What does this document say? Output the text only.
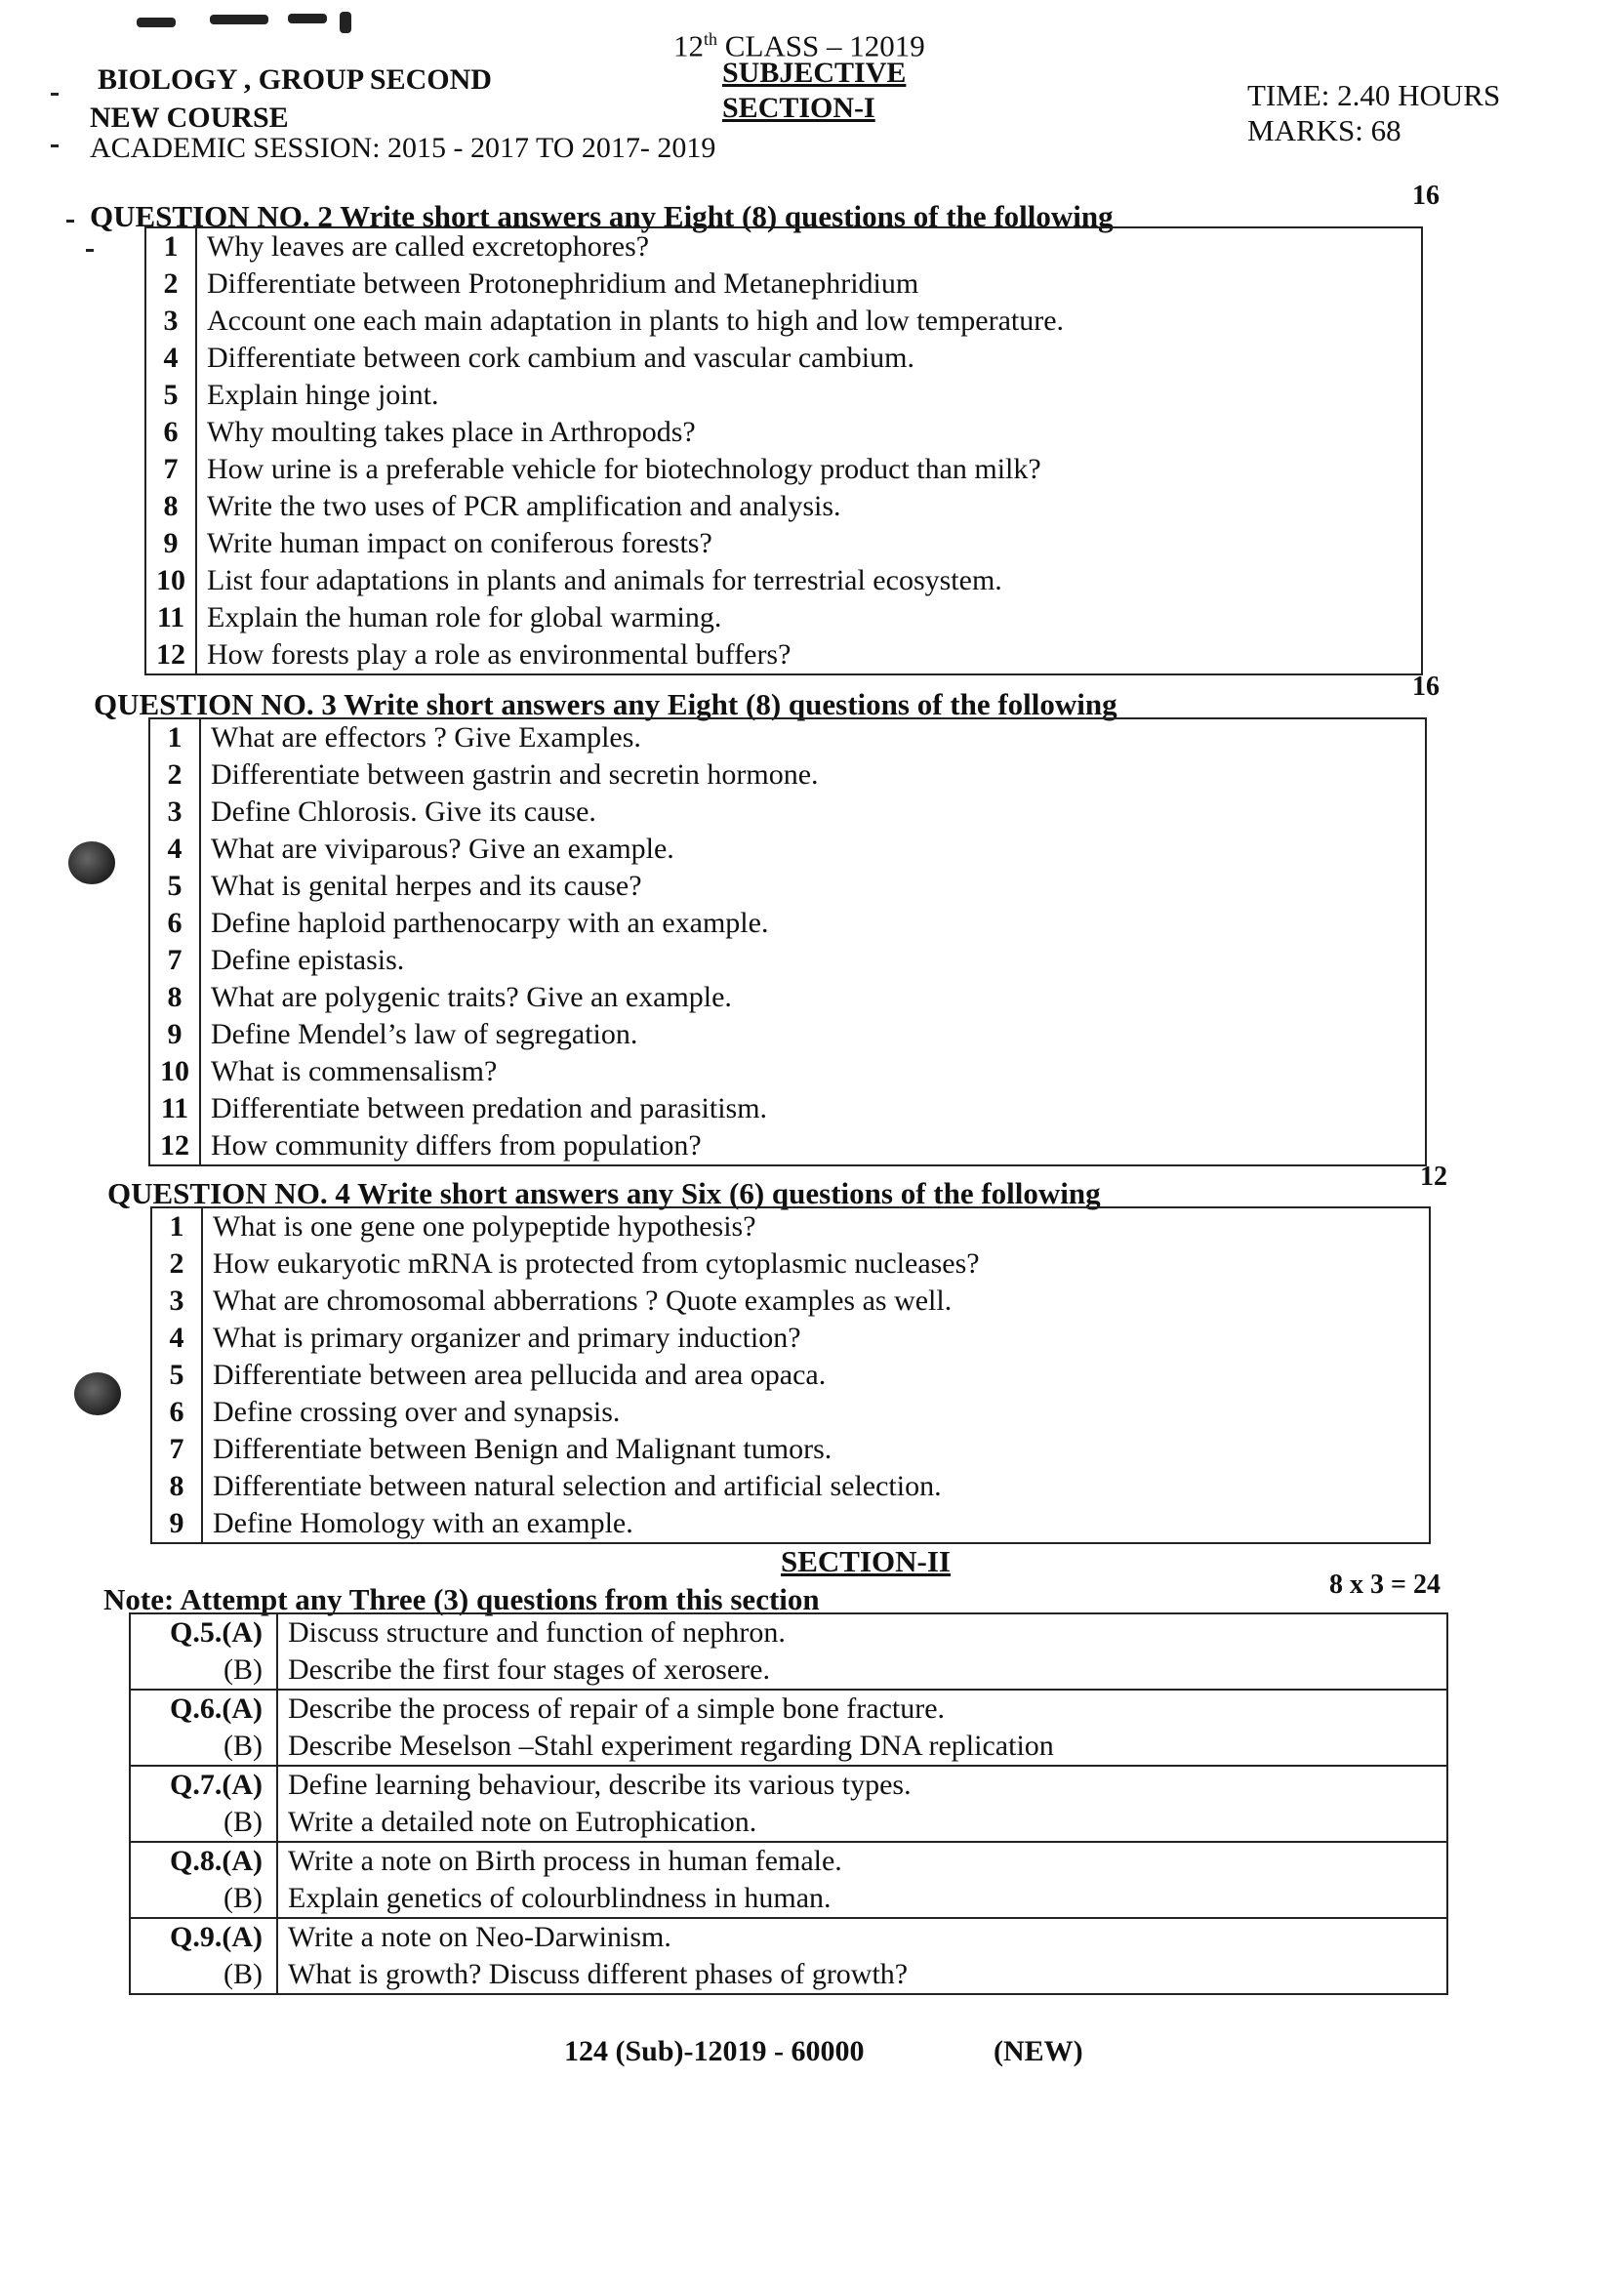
12th CLASS – 12019
BIOLOGY , GROUP SECOND
NEW COURSE
ACADEMIC SESSION: 2015 - 2017 TO 2017- 2019
SUBJECTIVE
SECTION-I	TIME: 2.40 HOURS
MARKS: 68
QUESTION NO. 2 Write short answers any Eight (8) questions of the following
16
1	Why leaves are called excretophores?
2	Differentiate between Protonephridium and Metanephridium
3	Account one each main adaptation in plants to high and low temperature.
4	Differentiate between cork cambium and vascular cambium.
5	Explain hinge joint.
6	Why moulting takes place in Arthropods?
7	How urine is a preferable vehicle for biotechnology product than milk?
8	Write the two uses of PCR amplification and analysis.
9	Write human impact on coniferous forests?
10	List four adaptations in plants and animals for terrestrial ecosystem.
11	Explain the human role for global warming.
12	How forests play a role as environmental buffers?
QUESTION NO. 3 Write short answers any Eight (8) questions of the following
16
1	What are effectors ? Give Examples.
2	Differentiate between gastrin and secretin hormone.
3	Define Chlorosis. Give its cause.
4	What are viviparous? Give an example.
5	What is genital herpes and its cause?
6	Define haploid parthenocarpy with an example.
7	Define epistasis.
8	What are polygenic traits? Give an example.
9	Define Mendel’s law of segregation.
10	What is commensalism?
11	Differentiate between predation and parasitism.
12	How community differs from population?
QUESTION NO. 4 Write short answers any Six (6) questions of the following	12
1	What is one gene one polypeptide hypothesis?
2	How eukaryotic mRNA is protected from cytoplasmic nucleases?
3	What are chromosomal abberrations ? Quote examples as well.
4	What is primary organizer and primary induction?
5	Differentiate between area pellucida and area opaca.
6	Define crossing over and synapsis.
7	Differentiate between Benign and Malignant tumors.
8	Differentiate between natural selection and artificial selection.
9	Define Homology with an example.
SECTION-II
Note: Attempt any Three (3) questions from this section	8 x 3 = 24
Q.5.(A)	Discuss structure and function of nephron.
(B)	Describe the first four stages of xerosere.
Q.6.(A)	Describe the process of repair of a simple bone fracture.
(B)	Describe Meselson –Stahl experiment regarding DNA replication
Q.7.(A)	Define learning behaviour, describe its various types.
(B)	Write a detailed note on Eutrophication.
Q.8.(A)	Write a note on Birth process in human female.
(B)	Explain genetics of colourblindness in human.
Q.9.(A)	Write a note on Neo-Darwinism.
(B)	What is growth? Discuss different phases of growth?
124 (Sub)-12019 - 60000	(NEW)
